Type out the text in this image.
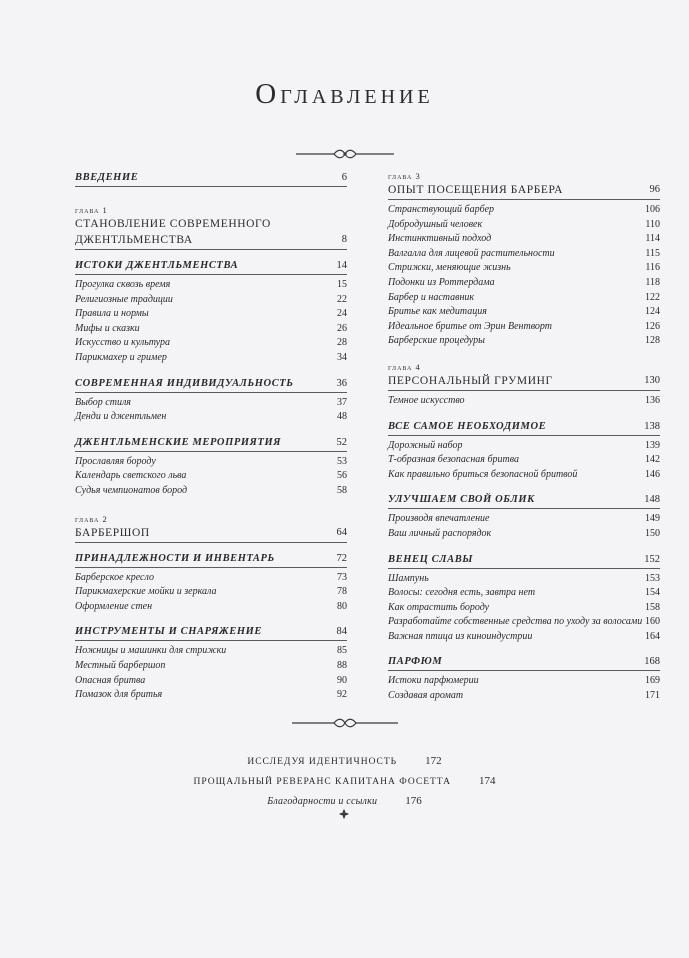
Оглавление
ВВЕДЕНИЕ	6
глава 1
СТАНОВЛЕНИЕ СОВРЕМЕННОГО
ДЖЕНТЛЬМЕНСТВА	8
ИСТОКИ ДЖЕНТЛЬМЕНСТВА	14
Прогулка сквозь время	15
Религиозные традиции	22
Правила и нормы	24
Мифы и сказки	26
Искусство и культура	28
Парикмахер и гример	34
СОВРЕМЕННАЯ ИНДИВИДУАЛЬНОСТЬ	36
Выбор стиля	37
Денди и джентльмен	48
ДЖЕНТЛЬМЕНСКИЕ МЕРОПРИЯТИЯ	52
Прославляя бороду	53
Календарь светского льва	56
Судья чемпионатов бород	58
глава 2
БАРБЕРШОП	64
ПРИНАДЛЕЖНОСТИ И ИНВЕНТАРЬ	72
Барберское кресло	73
Парикмахерские мойки и зеркала	78
Оформление стен	80
ИНСТРУМЕНТЫ И СНАРЯЖЕНИЕ	84
Ножницы и машинки для стрижки	85
Местный барбершоп	88
Опасная бритва	90
Помазок для бритья	92
глава 3
ОПЫТ ПОСЕЩЕНИЯ БАРБЕРА	96
Странствующий барбер	106
Добродушный человек	110
Инстинктивный подход	114
Валгалла для лицевой растительности	115
Стрижки, меняющие жизнь	116
Подонки из Роттердама	118
Барбер и наставник	122
Бритье как медитация	124
Идеальное бритье от Эрин Вентворт	126
Барберские процедуры	128
глава 4
ПЕРСОНАЛЬНЫЙ ГРУМИНГ	130
Темное искусство	136
ВСЕ САМОЕ НЕОБХОДИМОЕ	138
Дорожный набор	139
Т-образная безопасная бритва	142
Как правильно бриться безопасной бритвой	146
УЛУЧШАЕМ СВОЙ ОБЛИК	148
Производя впечатление	149
Ваш личный распорядок	150
ВЕНЕЦ СЛАВЫ	152
Шампунь	153
Волосы: сегодня есть, завтра нет	154
Как отрастить бороду	158
Разработайте собственные средства по уходу за волосами 160
Важная птица из киноиндустрии	164
ПАРФЮМ	168
Истоки парфюмерии	169
Создавая аромат	171
ИССЛЕДУЯ ИДЕНТИЧНОСТЬ	172
ПРОЩАЛЬНЫЙ РЕВЕРАНС КАПИТАНА ФОСЕТТА	174
Благодарности и ссылки	176
